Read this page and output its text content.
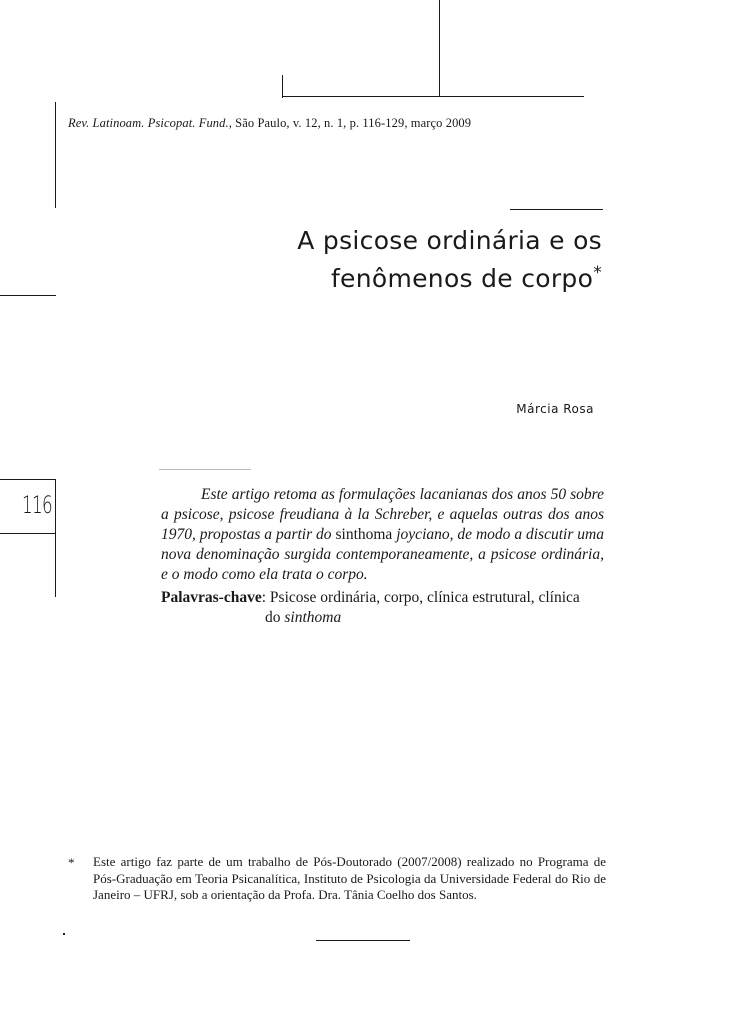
Rev. Latinoam. Psicopat. Fund., São Paulo, v. 12, n. 1, p. 116-129, março 2009
A psicose ordinária e os
fenômenos de corpo*
Márcia Rosa
116	Este artigo retoma as formulações lacanianas dos anos 50 sobre a psicose, psicose freudiana à la Schreber, e aquelas outras dos anos 1970, propostas a partir do sinthoma joyciano, de modo a discutir uma nova denominação surgida contemporaneamente, a psicose ordinária, e o modo como ela trata o corpo.

Palavras-chave: Psicose ordinária, corpo, clínica estrutural, clínica
do sinthoma
*	Este artigo faz parte de um trabalho de Pós-Doutorado (2007/2008) realizado no Programa de Pós-Graduação em Teoria Psicanalítica, Instituto de Psicologia da Universidade Federal do Rio de Janeiro – UFRJ, sob a orientação da Profa. Dra. Tânia Coelho dos Santos.
